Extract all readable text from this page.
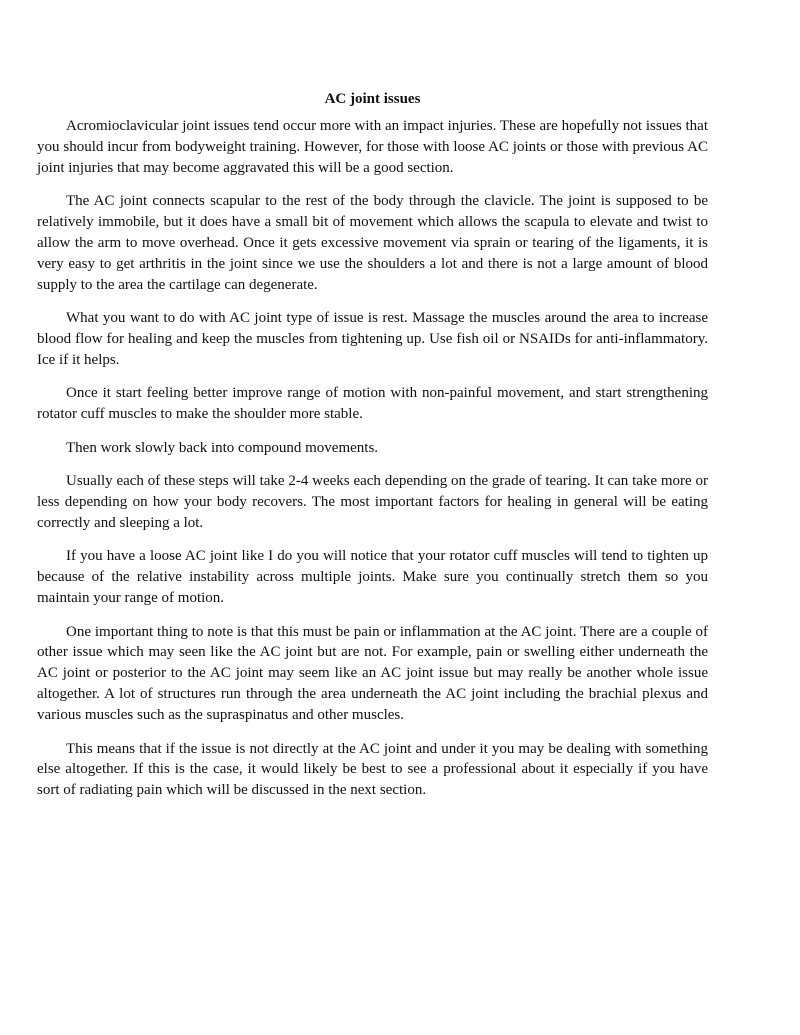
AC joint issues

Acromioclavicular joint issues tend occur more with an impact injuries. These are hopefully not issues that you should incur from bodyweight training. However, for those with loose AC joints or those with previous AC joint injuries that may become aggravated this will be a good section.

The AC joint connects scapular to the rest of the body through the clavicle. The joint is supposed to be relatively immobile, but it does have a small bit of movement which allows the scapula to elevate and twist to allow the arm to move overhead. Once it gets excessive movement via sprain or tearing of the ligaments, it is very easy to get arthritis in the joint since we use the shoulders a lot and there is not a large amount of blood supply to the area the cartilage can degenerate.

What you want to do with AC joint type of issue is rest. Massage the muscles around the area to increase blood flow for healing and keep the muscles from tightening up. Use fish oil or NSAIDs for anti-inflammatory. Ice if it helps.

Once it start feeling better improve range of motion with non-painful movement, and start strengthening rotator cuff muscles to make the shoulder more stable.

Then work slowly back into compound movements.

Usually each of these steps will take 2-4 weeks each depending on the grade of tearing. It can take more or less depending on how your body recovers. The most important factors for healing in general will be eating correctly and sleeping a lot.

If you have a loose AC joint like I do you will notice that your rotator cuff muscles will tend to tighten up because of the relative instability across multiple joints. Make sure you continually stretch them so you maintain your range of motion.

One important thing to note is that this must be pain or inflammation at the AC joint. There are a couple of other issue which may seen like the AC joint but are not. For example, pain or swelling either underneath the AC joint or posterior to the AC joint may seem like an AC joint issue but may really be another whole issue altogether. A lot of structures run through the area underneath the AC joint including the brachial plexus and various muscles such as the supraspinatus and other muscles.

This means that if the issue is not directly at the AC joint and under it you may be dealing with something else altogether. If this is the case, it would likely be best to see a professional about it especially if you have sort of radiating pain which will be discussed in the next section.
